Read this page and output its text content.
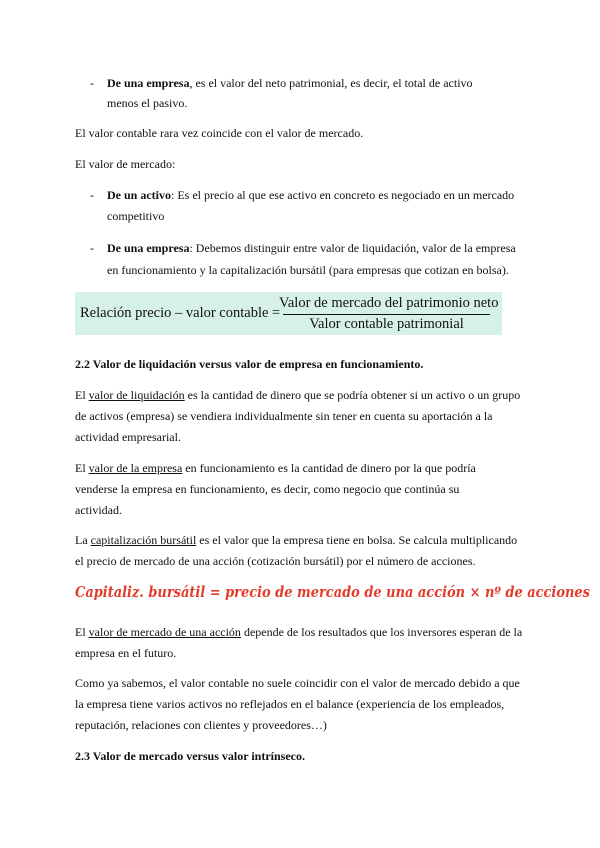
- De una empresa, es el valor del neto patrimonial, es decir, el total de activo
menos el pasivo.
El valor contable rara vez coincide con el valor de mercado.
El valor de mercado:
- De un activo: Es el precio al que ese activo en concreto es negociado en un mercado
competitivo
- De una empresa: Debemos distinguir entre valor de liquidación, valor de la empresa
en funcionamiento y la capitalización bursátil (para empresas que cotizan en bolsa).
Relación precio – valor contable =
Valor de mercado del patrimonio neto
Valor contable patrimonial
2.2 Valor de liquidación versus valor de empresa en funcionamiento.
El valor de liquidación es la cantidad de dinero que se podría obtener si un activo o un grupo
de activos (empresa) se vendiera individualmente sin tener en cuenta su aportación a la
actividad empresarial.
El valor de la empresa en funcionamiento es la cantidad de dinero por la que podría
venderse la empresa en funcionamiento, es decir, como negocio que continúa su
actividad.
La capitalización bursátil es el valor que la empresa tiene en bolsa. Se calcula multiplicando
el precio de mercado de una acción (cotización bursátil) por el número de acciones.
Capitaliz. bursátil = precio de mercado de una acción × nº de acciones
El valor de mercado de una acción depende de los resultados que los inversores esperan de la
empresa en el futuro.
Como ya sabemos, el valor contable no suele coincidir con el valor de mercado debido a que
la empresa tiene varios activos no reflejados en el balance (experiencia de los empleados,
reputación, relaciones con clientes y proveedores…)
2.3 Valor de mercado versus valor intrínseco.
